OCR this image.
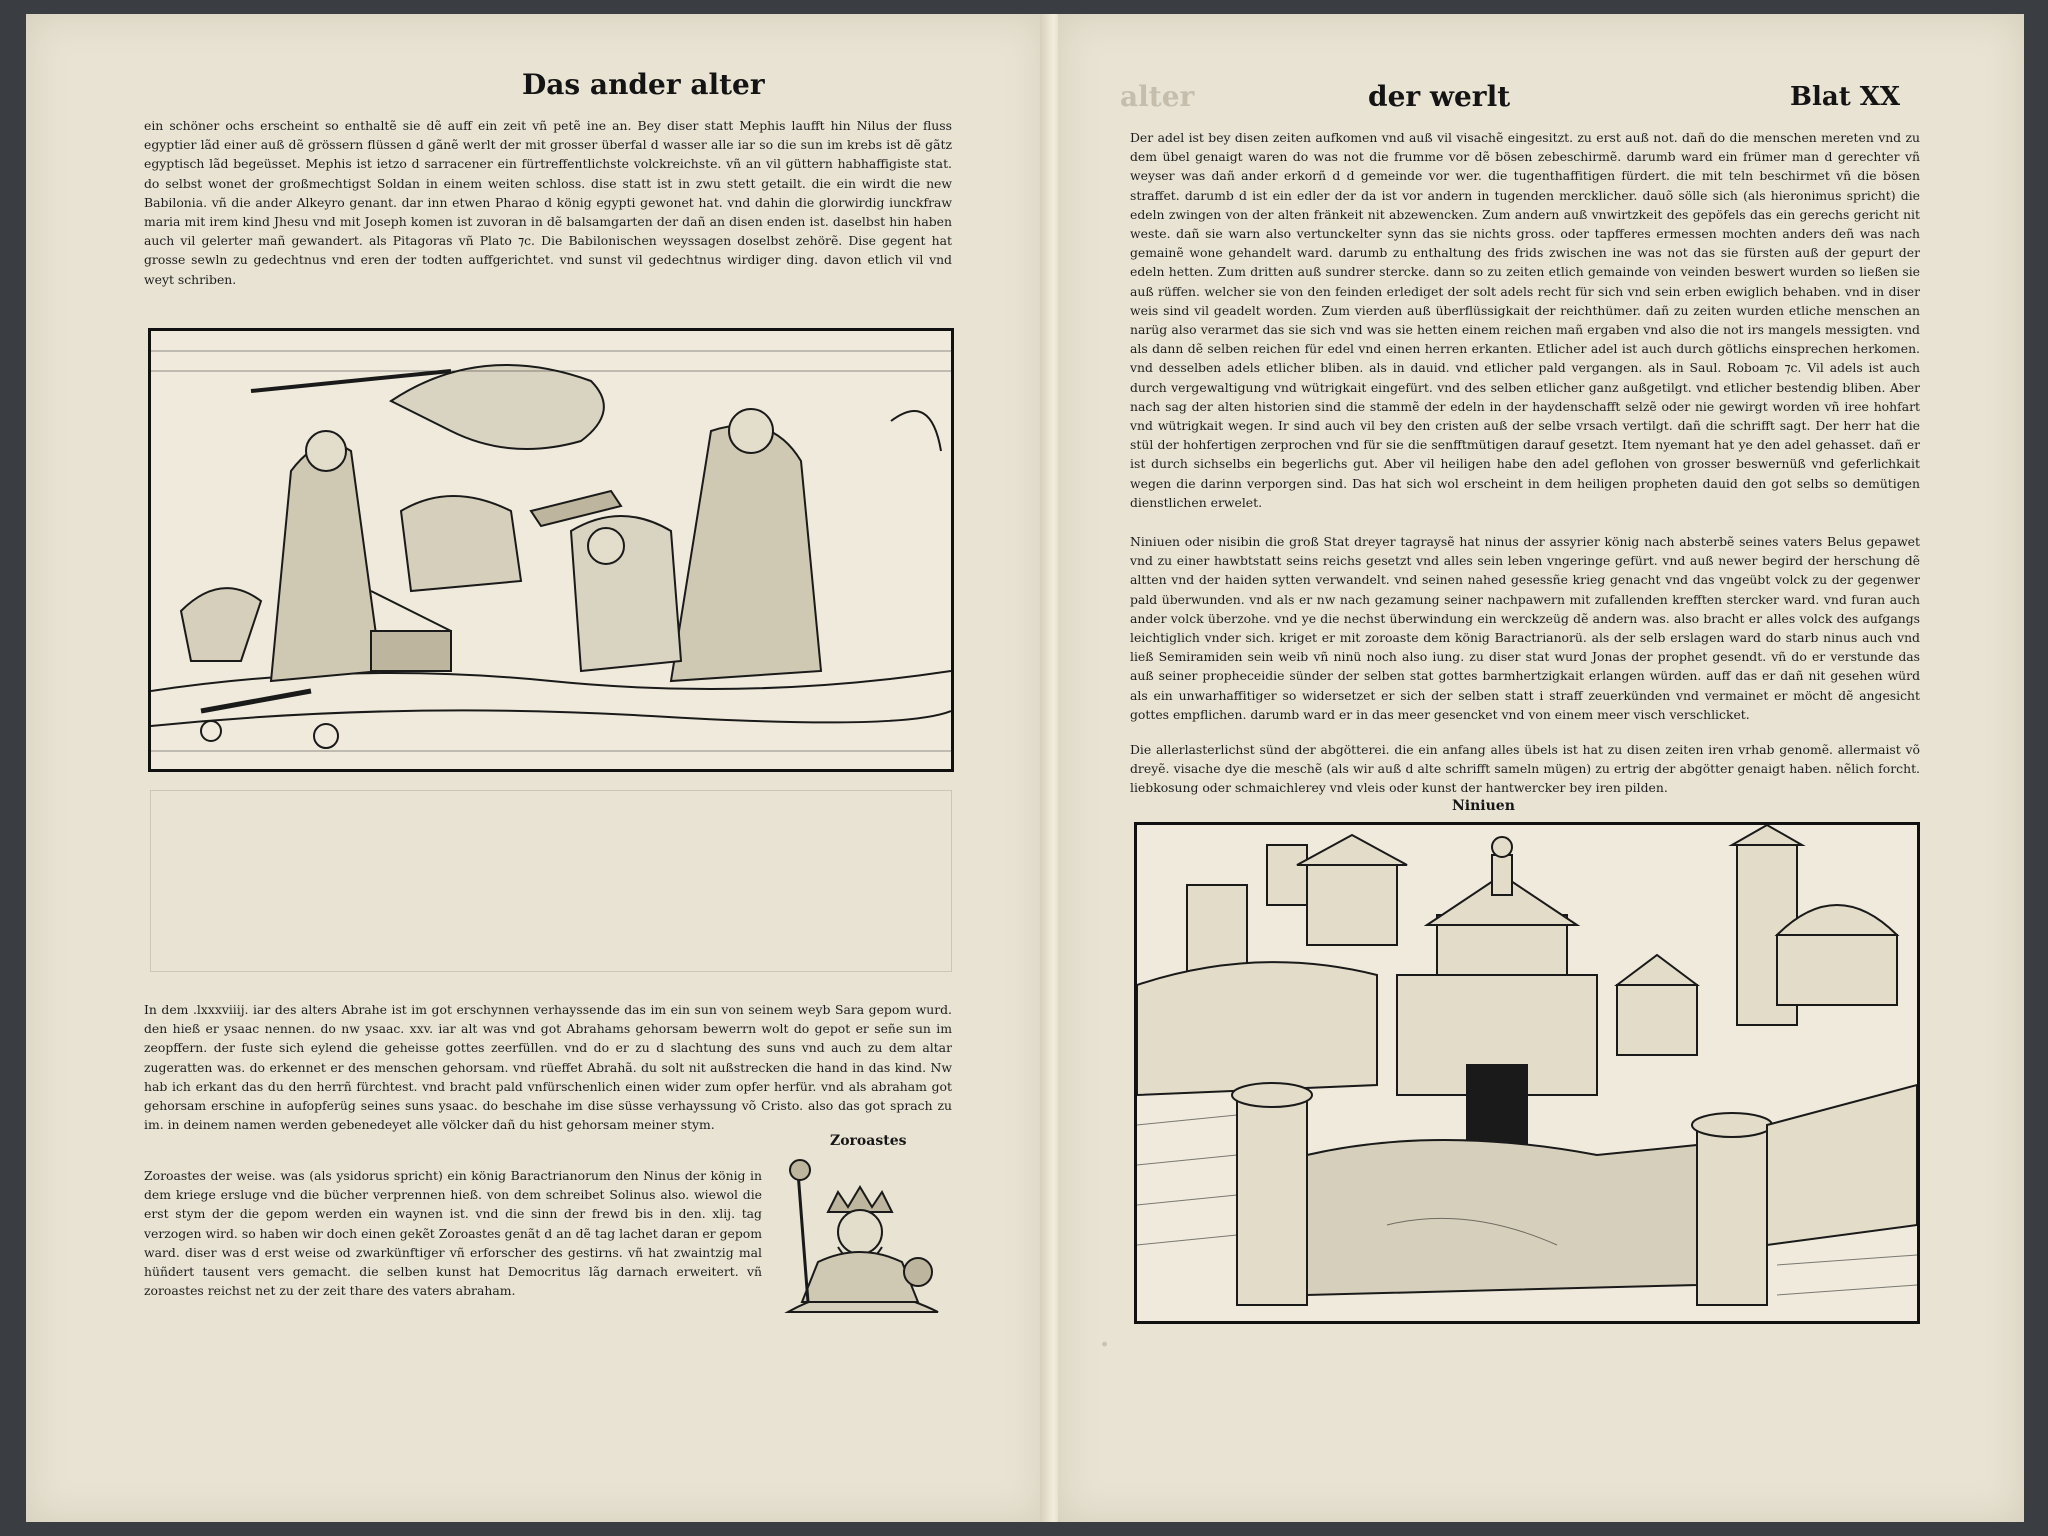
Das ander alter

ein schöner ochs erscheint so enthaltẽ sie dẽ auff ein zeit vñ petẽ ine an. Bey diser statt Mephis laufft hin Nilus der fluss egyptier lãd einer auß dẽ grössern flüssen d gãnẽ werlt der mit grosser überfal d wasser alle iar so die sun im krebs ist dẽ gãtz egyptisch lãd begeüsset. Mephis ist ietzo d sarracener ein fürtreffentlichste volckreichste. vñ an vil güttern habhaffigiste stat. do selbst wonet der großmechtigst Soldan in einem weiten schloss. dise statt ist in zwu stett getailt. die ein wirdt die new Babilonia. vñ die ander Alkeyro genant. dar inn etwen Pharao d könig egypti gewonet hat. vnd dahin die glorwirdig iunckfraw maria mit irem kind Jhesu vnd mit Joseph komen ist zuvoran in dẽ balsamgarten der dañ an disen enden ist. daselbst hin haben auch vil gelerter mañ gewandert. als Pitagoras vñ Plato ⁊c. Die Babilonischen weyssagen doselbst zehörẽ. Dise gegent hat grosse sewln zu gedechtnus vnd eren der todten auffgerichtet. vnd sunst vil gedechtnus wirdiger ding. davon etlich vil vnd weyt schriben.

In dem .lxxxviiij. iar des alters Abrahe ist im got erschynnen verhayssende das im ein sun von seinem weyb Sara gepom wurd. den hieß er ysaac nennen. do nw ysaac. xxv. iar alt was vnd got Abrahams gehorsam bewerrn wolt do gepot er señe sun im zeopffern. der fuste sich eylend die geheisse gottes zeerfüllen. vnd do er zu d slachtung des suns vnd auch zu dem altar zugeratten was. do erkennet er des menschen gehorsam. vnd rüeffet Abrahã. du solt nit außstrecken die hand in das kind. Nw hab ich erkant das du den herrñ fürchtest. vnd bracht pald vnfürschenlich einen wider zum opfer herfür. vnd als abraham got gehorsam erschine in aufopferüg seines suns ysaac. do beschahe im dise süsse verhayssung võ Cristo. also das got sprach zu im. in deinem namen werden gebenedeyet alle völcker dañ du hist gehorsam meiner stym.

Zoroastes der weise. was (als ysidorus spricht) ein könig Baractrianorum den Ninus der könig in dem kriege ersluge vnd die bücher verprennen hieß. von dem schreibet Solinus also. wiewol die erst stym der die gepom werden ein waynen ist. vnd die sinn der frewd bis in den. xlij. tag verzogen wird. so haben wir doch einen gekẽt Zoroastes genãt d an dẽ tag lachet daran er gepom ward. diser was d erst weise od zwarkünftiger vñ erforscher des gestirns. vñ hat zwaintzig mal hüñdert tausent vers gemacht. die selben kunst hat Democritus lãg darnach erweitert. vñ zoroastes reichst net zu der zeit thare des vaters abraham.

Zoroastes
alter	der werlt	Blat XX

Der adel ist bey disen zeiten aufkomen vnd auß vil visachẽ eingesitzt. zu erst auß not. dañ do die menschen mereten vnd zu dem übel genaigt waren do was not die frumme vor dẽ bösen zebeschirmẽ. darumb ward ein frümer man d gerechter vñ weyser was dañ ander erkorñ d d gemeinde vor wer. die tugenthaffitigen fürdert. die mit teln beschirmet vñ die bösen straffet. darumb d ist ein edler der da ist vor andern in tugenden mercklicher. dauõ sölle sich (als hieronimus spricht) die edeln zwingen von der alten fränkeit nit abzewencken. Zum andern auß vnwirtzkeit des gepöfels das ein gerechs gericht nit weste. dañ sie warn also vertunckelter synn das sie nichts gross. oder tapfferes ermessen mochten anders deñ was nach gemainẽ wone gehandelt ward. darumb zu enthaltung des frids zwischen ine was not das sie fürsten auß der gepurt der edeln hetten. Zum dritten auß sundrer stercke. dann so zu zeiten etlich gemainde von veinden beswert wurden so ließen sie auß rüffen. welcher sie von den feinden erlediget der solt adels recht für sich vnd sein erben ewiglich behaben. vnd in diser weis sind vil geadelt worden. Zum vierden auß überflüssigkait der reichthümer. dañ zu zeiten wurden etliche menschen an narüg also verarmet das sie sich vnd was sie hetten einem reichen mañ ergaben vnd also die not irs mangels messigten. vnd als dann dẽ selben reichen für edel vnd einen herren erkanten. Etlicher adel ist auch durch götlichs einsprechen herkomen. vnd desselben adels etlicher bliben. als in dauid. vnd etlicher pald vergangen. als in Saul. Roboam ⁊c. Vil adels ist auch durch vergewaltigung vnd wütrigkait eingefürt. vnd des selben etlicher ganz außgetilgt. vnd etlicher bestendig bliben. Aber nach sag der alten historien sind die stammẽ der edeln in der haydenschafft selzẽ oder nie gewirgt worden vñ iree hohfart vnd wütrigkait wegen. Ir sind auch vil bey den cristen auß der selbe vrsach vertilgt. dañ die schrifft sagt. Der herr hat die stül der hohfertigen zerprochen vnd für sie die senfftmütigen darauf gesetzt. Item nyemant hat ye den adel gehasset. dañ er ist durch sichselbs ein begerlichs gut. Aber vil heiligen habe den adel geflohen von grosser beswernüß vnd geferlichkait wegen die darinn verporgen sind. Das hat sich wol erscheint in dem heiligen propheten dauid den got selbs so demütigen dienstlichen erwelet.

Niniuen oder nisibin die groß Stat dreyer tagraysẽ hat ninus der assyrier könig nach absterbẽ seines vaters Belus gepawet vnd zu einer hawbtstatt seins reichs gesetzt vnd alles sein leben vngeringe gefürt. vnd auß newer begird der herschung dẽ altten vnd der haiden sytten verwandelt. vnd seinen nahed gesessñe krieg genacht vnd das vngeübt volck zu der gegenwer pald überwunden. vnd als er nw nach gezamung seiner nachpawern mit zufallenden krefften stercker ward. vnd furan auch ander volck überzohe. vnd ye die nechst überwindung ein werckzeüg dẽ andern was. also bracht er alles volck des aufgangs leichtiglich vnder sich. kriget er mit zoroaste dem könig Baractrianorü. als der selb erslagen ward do starb ninus auch vnd ließ Semiramiden sein weib vñ ninü noch also iung. zu diser stat wurd Jonas der prophet gesendt. vñ do er verstunde das auß seiner propheceidie sünder der selben stat gottes barmhertzigkait erlangen würden. auff das er dañ nit gesehen würd als ein unwarhaffitiger so widersetzet er sich der selben statt i straff zeuerkünden vnd vermainet er möcht dẽ angesicht gottes empflichen. darumb ward er in das meer gesencket vnd von einem meer visch verschlicket.

Die allerlasterlichst sünd der abgötterei. die ein anfang alles übels ist hat zu disen zeiten iren vrhab genomẽ. allermaist võ dreyẽ. visache dye die meschẽ (als wir auß d alte schrifft sameln mügen) zu ertrig der abgötter genaigt haben. nẽlich forcht. liebkosung oder schmaichlerey vnd vleis oder kunst der hantwercker bey iren pilden.

Niniuen
·
